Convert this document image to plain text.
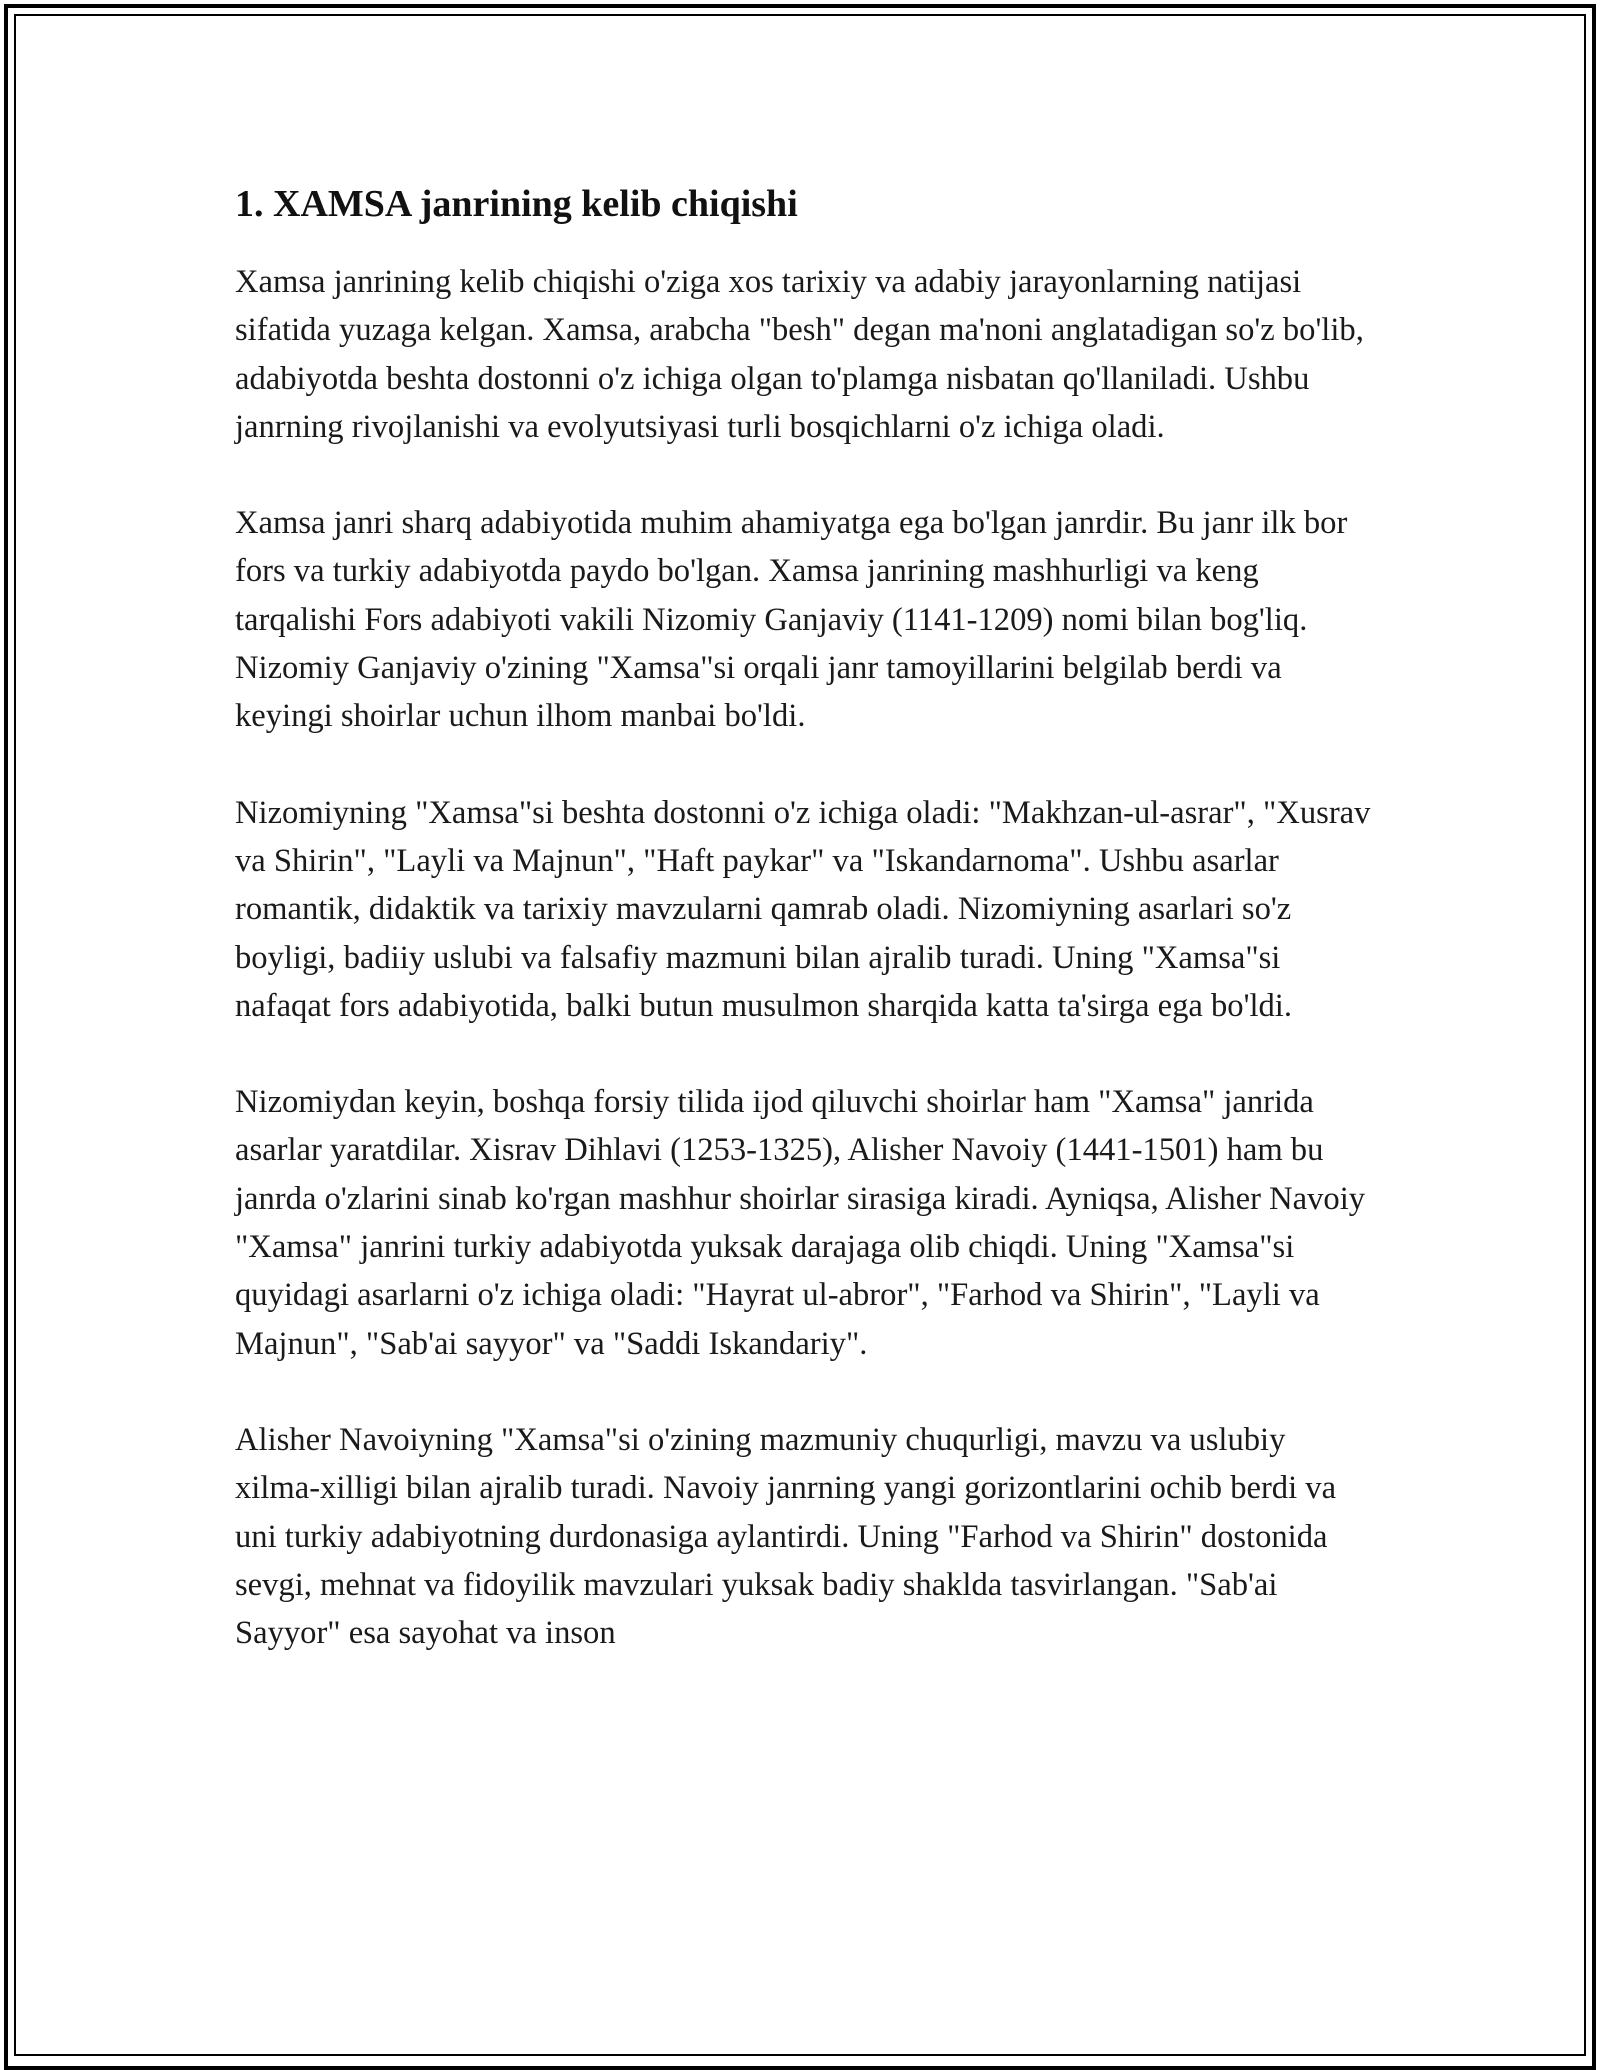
1. XAMSA janrining kelib chiqishi

Xamsa janrining kelib chiqishi o'ziga xos tarixiy va adabiy jarayonlarning natijasi sifatida yuzaga kelgan. Xamsa, arabcha "besh" degan ma'noni anglatadigan so'z bo'lib, adabiyotda beshta dostonni o'z ichiga olgan to'plamga nisbatan qo'llaniladi. Ushbu janrning rivojlanishi va evolyutsiyasi turli bosqichlarni o'z ichiga oladi.

Xamsa janri sharq adabiyotida muhim ahamiyatga ega bo'lgan janrdir. Bu janr ilk bor fors va turkiy adabiyotda paydo bo'lgan. Xamsa janrining mashhurligi va keng tarqalishi Fors adabiyoti vakili Nizomiy Ganjaviy (1141-1209) nomi bilan bog'liq. Nizomiy Ganjaviy o'zining "Xamsa"si orqali janr tamoyillarini belgilab berdi va keyingi shoirlar uchun ilhom manbai bo'ldi.

Nizomiyning "Xamsa"si beshta dostonni o'z ichiga oladi: "Makhzan-ul-asrar", "Xusrav va Shirin", "Layli va Majnun", "Haft paykar" va "Iskandarnoma". Ushbu asarlar romantik, didaktik va tarixiy mavzularni qamrab oladi. Nizomiyning asarlari so'z boyligi, badiiy uslubi va falsafiy mazmuni bilan ajralib turadi. Uning "Xamsa"si nafaqat fors adabiyotida, balki butun musulmon sharqida katta ta'sirga ega bo'ldi.

Nizomiydan keyin, boshqa forsiy tilida ijod qiluvchi shoirlar ham "Xamsa" janrida asarlar yaratdilar. Xisrav Dihlavi (1253-1325), Alisher Navoiy (1441-1501) ham bu janrda o'zlarini sinab ko'rgan mashhur shoirlar sirasiga kiradi. Ayniqsa, Alisher Navoiy "Xamsa" janrini turkiy adabiyotda yuksak darajaga olib chiqdi. Uning "Xamsa"si quyidagi asarlarni o'z ichiga oladi: "Hayrat ul-abror", "Farhod va Shirin", "Layli va Majnun", "Sab'ai sayyor" va "Saddi Iskandariy".

Alisher Navoiyning "Xamsa"si o'zining mazmuniy chuqurligi, mavzu va uslubiy xilma-xilligi bilan ajralib turadi. Navoiy janrning yangi gorizontlarini ochib berdi va uni turkiy adabiyotning durdonasiga aylantirdi. Uning "Farhod va Shirin" dostonida sevgi, mehnat va fidoyilik mavzulari yuksak badiy shaklda tasvirlangan. "Sab'ai Sayyor" esa sayohat va inson
